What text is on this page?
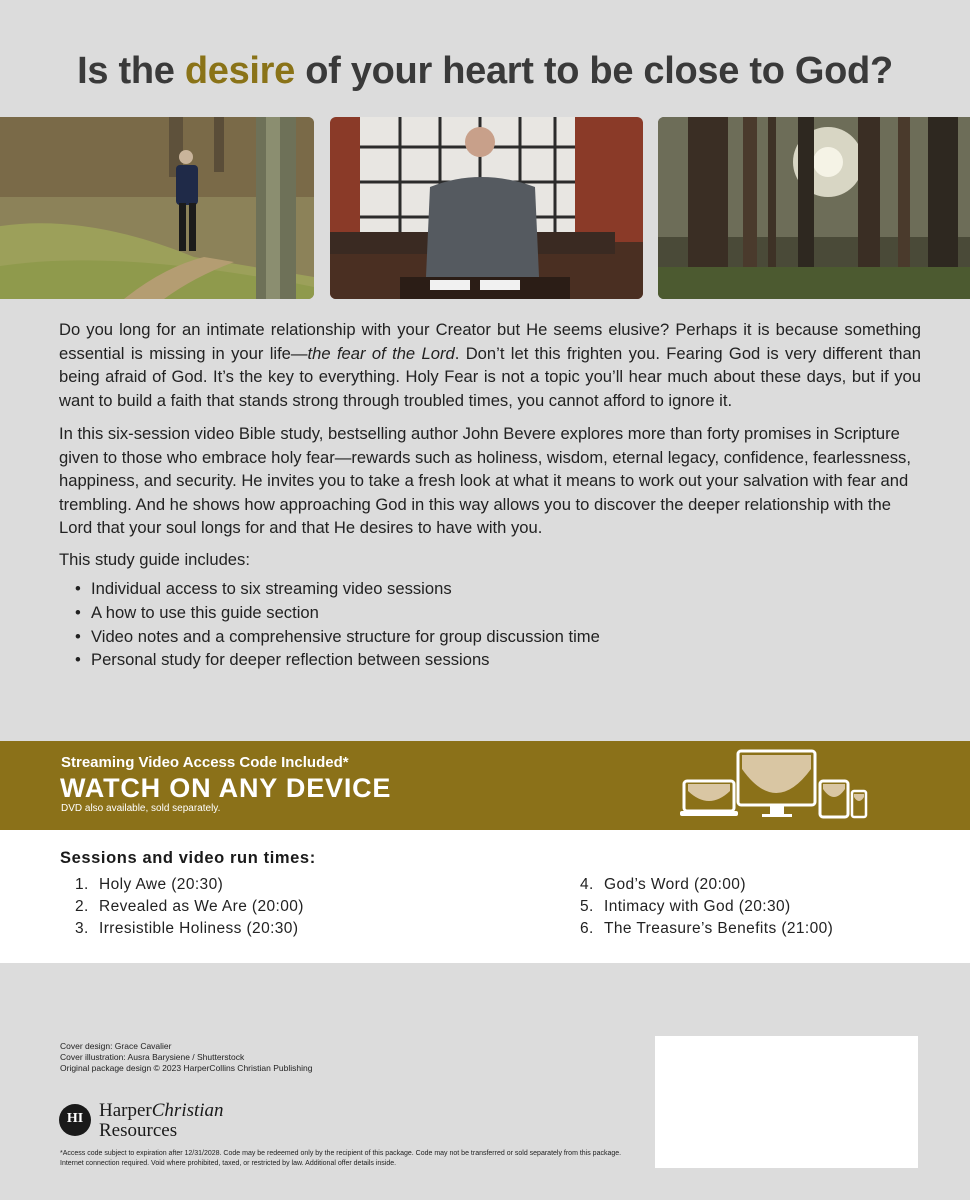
Is the desire of your heart to be close to God?

Do you long for an intimate relationship with your Creator but He seems elusive? Perhaps it is because something essential is missing in your life—the fear of the Lord. Don’t let this frighten you. Fearing God is very different than being afraid of God. It’s the key to everything. Holy Fear is not a topic you’ll hear much about these days, but if you want to build a faith that stands strong through troubled times, you cannot afford to ignore it.

In this six-session video Bible study, bestselling author John Bevere explores more than forty promises in Scripture given to those who embrace holy fear—rewards such as holiness, wisdom, eternal legacy, confidence, fearlessness, happiness, and security. He invites you to take a fresh look at what it means to work out your salvation with fear and trembling. And he shows how approaching God in this way allows you to discover the deeper relationship with the Lord that your soul longs for and that He desires to have with you.

This study guide includes:
• Individual access to six streaming video sessions
• A how to use this guide section
• Video notes and a comprehensive structure for group discussion time
• Personal study for deeper reflection between sessions
Streaming Video Access Code Included*
WATCH ON ANY DEVICE
DVD also available, sold separately.
Sessions and video run times:
1. Holy Awe (20:30)
2. Revealed as We Are (20:00)
3. Irresistible Holiness (20:30)
4. God’s Word (20:00)
5. Intimacy with God (20:30)
6. The Treasure’s Benefits (21:00)
Cover design: Grace Cavalier
Cover illustration: Ausra Barysiene / Shutterstock
Original package design © 2023 HarperCollins Christian Publishing
HI HarperChristian
Resources
*Access code subject to expiration after 12/31/2028. Code may be redeemed only by the recipient of this package. Code may not be transferred or sold separately from this package. Internet connection required. Void where prohibited, taxed, or restricted by law. Additional offer details inside.
